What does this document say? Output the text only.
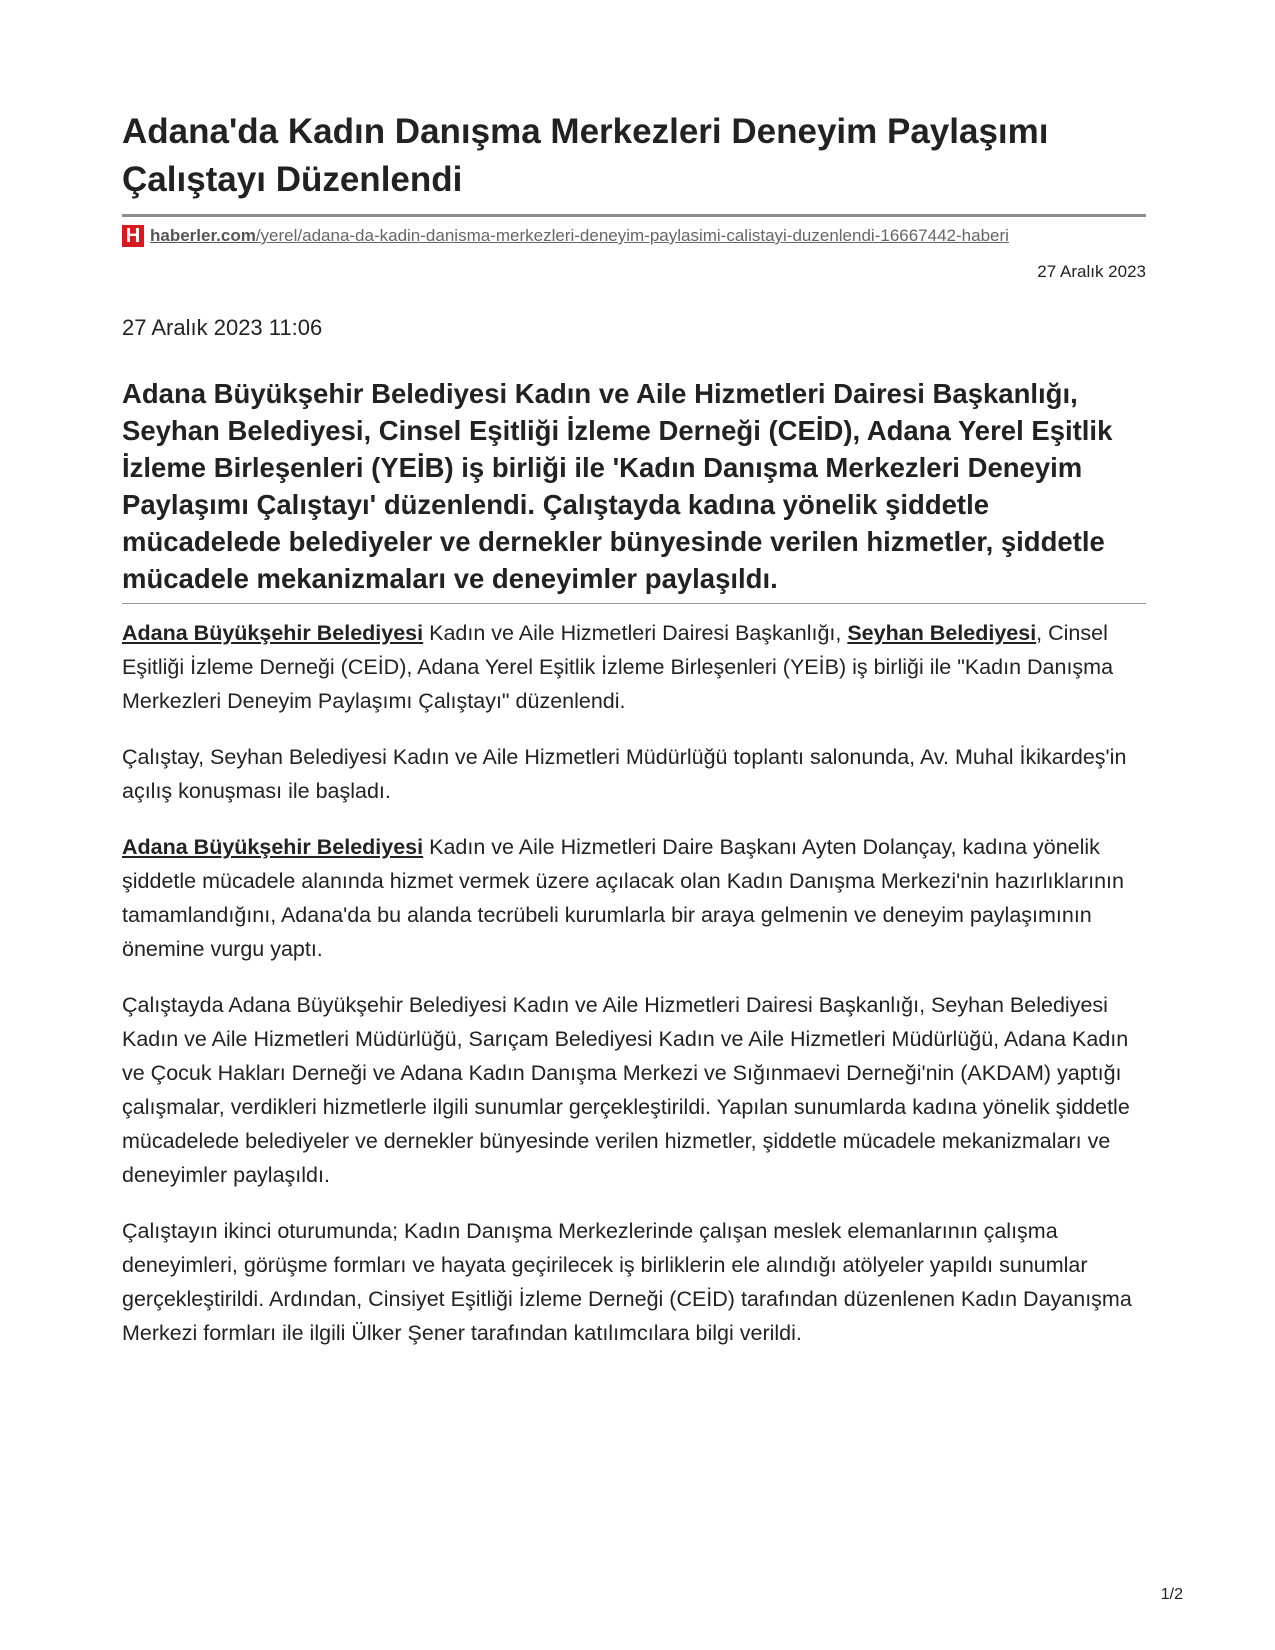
Adana'da Kadın Danışma Merkezleri Deneyim Paylaşımı Çalıştayı Düzenlendi
H haberler.com /yerel/adana-da-kadin-danisma-merkezleri-deneyim-paylasimi-calistayi-duzenlendi-16667442-haberi
27 Aralık 2023
27 Aralık 2023 11:06

Adana Büyükşehir Belediyesi Kadın ve Aile Hizmetleri Dairesi Başkanlığı, Seyhan Belediyesi, Cinsel Eşitliği İzleme Derneği (CEİD), Adana Yerel Eşitlik İzleme Birleşenleri (YEİB) iş birliği ile 'Kadın Danışma Merkezleri Deneyim Paylaşımı Çalıştayı' düzenlendi. Çalıştayda kadına yönelik şiddetle mücadelede belediyeler ve dernekler bünyesinde verilen hizmetler, şiddetle mücadele mekanizmaları ve deneyimler paylaşıldı.

Adana Büyükşehir Belediyesi Kadın ve Aile Hizmetleri Dairesi Başkanlığı, Seyhan Belediyesi, Cinsel Eşitliği İzleme Derneği (CEİD), Adana Yerel Eşitlik İzleme Birleşenleri (YEİB) iş birliği ile "Kadın Danışma Merkezleri Deneyim Paylaşımı Çalıştayı" düzenlendi.

Çalıştay, Seyhan Belediyesi Kadın ve Aile Hizmetleri Müdürlüğü toplantı salonunda, Av. Muhal İkikardeş'in açılış konuşması ile başladı.

Adana Büyükşehir Belediyesi Kadın ve Aile Hizmetleri Daire Başkanı Ayten Dolançay, kadına yönelik şiddetle mücadele alanında hizmet vermek üzere açılacak olan Kadın Danışma Merkezi'nin hazırlıklarının tamamlandığını, Adana'da bu alanda tecrübeli kurumlarla bir araya gelmenin ve deneyim paylaşımının önemine vurgu yaptı.

Çalıştayda Adana Büyükşehir Belediyesi Kadın ve Aile Hizmetleri Dairesi Başkanlığı, Seyhan Belediyesi Kadın ve Aile Hizmetleri Müdürlüğü, Sarıçam Belediyesi Kadın ve Aile Hizmetleri Müdürlüğü, Adana Kadın ve Çocuk Hakları Derneği ve Adana Kadın Danışma Merkezi ve Sığınmaevi Derneği'nin (AKDAM) yaptığı çalışmalar, verdikleri hizmetlerle ilgili sunumlar gerçekleştirildi. Yapılan sunumlarda kadına yönelik şiddetle mücadelede belediyeler ve dernekler bünyesinde verilen hizmetler, şiddetle mücadele mekanizmaları ve deneyimler paylaşıldı.

Çalıştayın ikinci oturumunda; Kadın Danışma Merkezlerinde çalışan meslek elemanlarının çalışma deneyimleri, görüşme formları ve hayata geçirilecek iş birliklerin ele alındığı atölyeler yapıldı sunumlar gerçekleştirildi. Ardından, Cinsiyet Eşitliği İzleme Derneği (CEİD) tarafından düzenlenen Kadın Dayanışma Merkezi formları ile ilgili Ülker Şener tarafından katılımcılara bilgi verildi.

1/2
